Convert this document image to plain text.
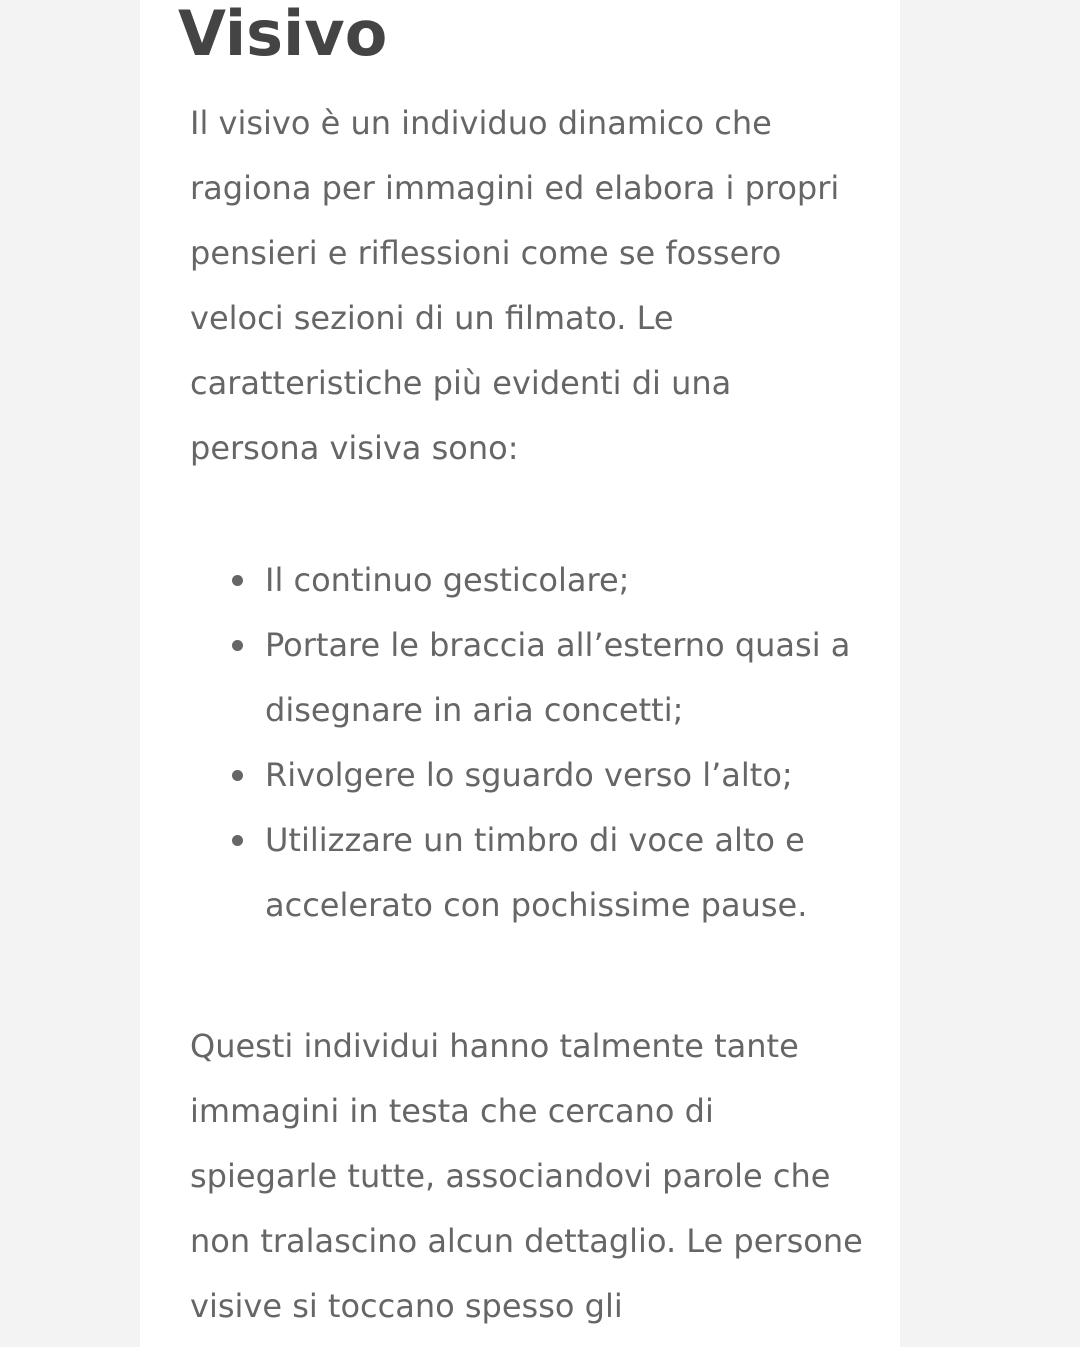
Visivo

Il visivo è un individuo dinamico che ragiona per immagini ed elabora i propri pensieri e riflessioni come se fossero veloci sezioni di un filmato. Le caratteristiche più evidenti di una persona visiva sono:

Il continuo gesticolare;
Portare le braccia all’esterno quasi a disegnare in aria concetti;
Rivolgere lo sguardo verso l’alto;
Utilizzare un timbro di voce alto e accelerato con pochissime pause.

Questi individui hanno talmente tante immagini in testa che cercano di spiegarle tutte, associandovi parole che non tralascino alcun dettaglio. Le persone visive si toccano spesso gli
